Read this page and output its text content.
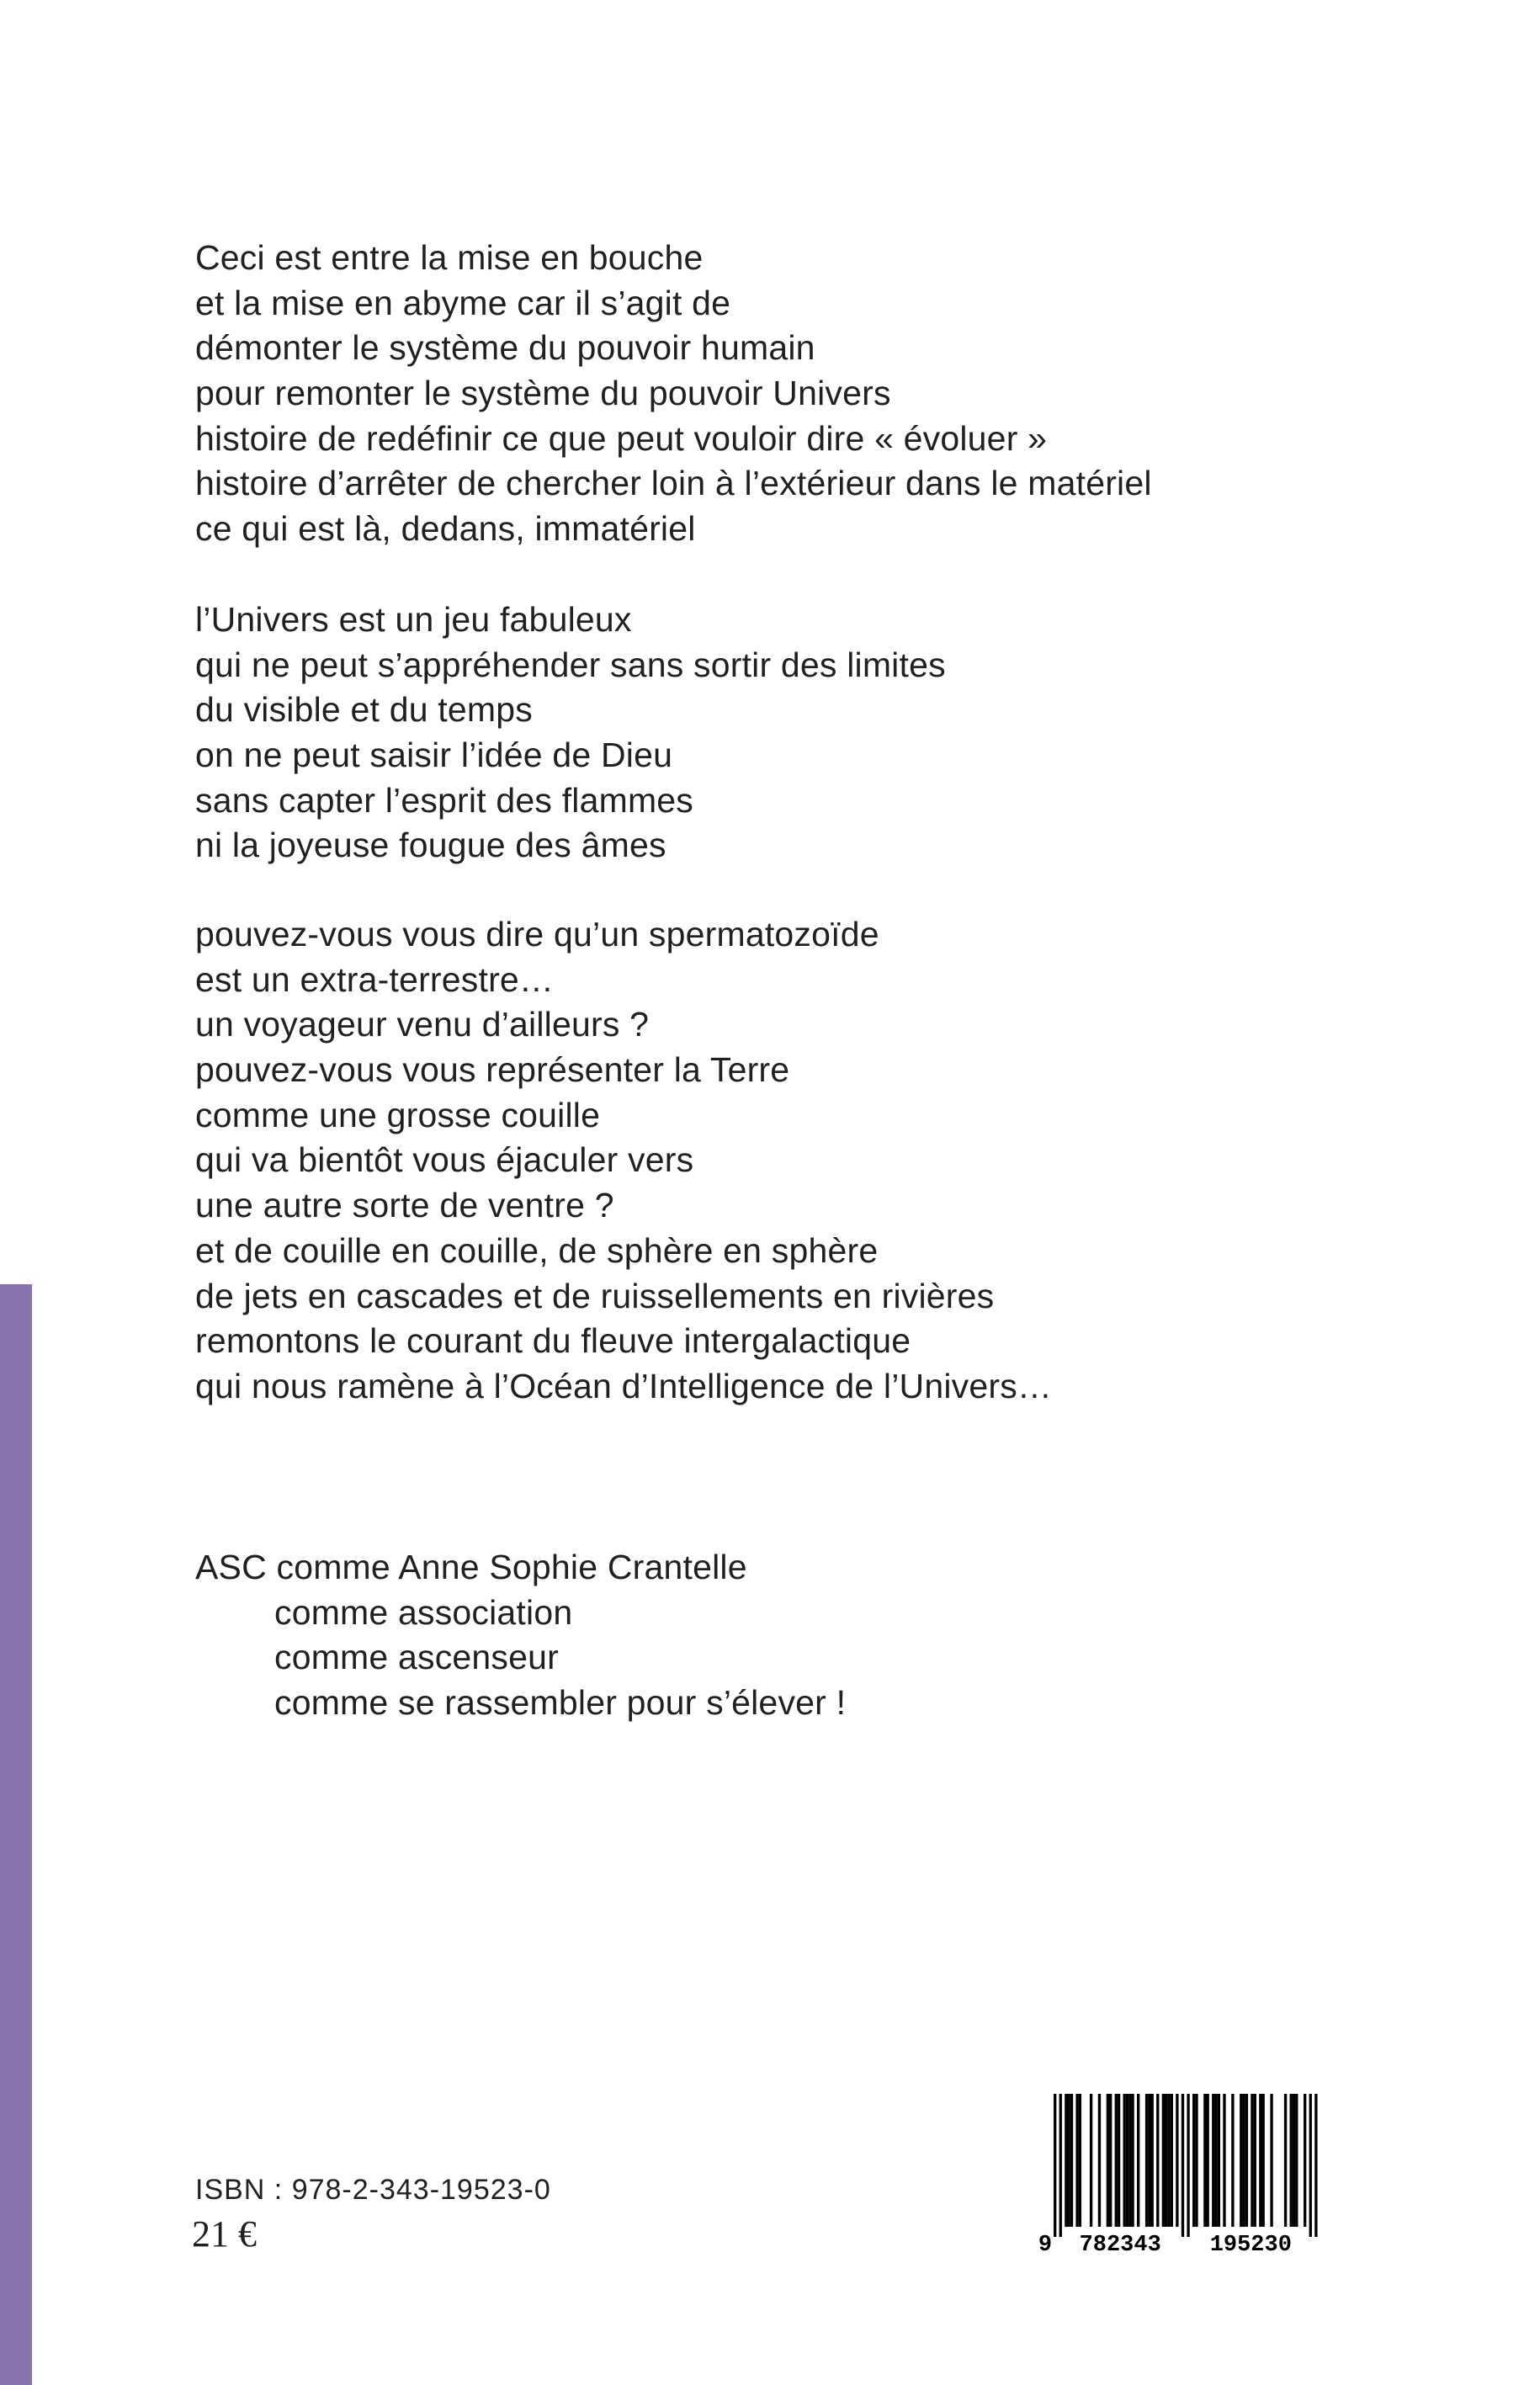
Ceci est entre la mise en bouche
et la mise en abyme car il s’agit de
démonter le système du pouvoir humain
pour remonter le système du pouvoir Univers
histoire de redéfinir ce que peut vouloir dire « évoluer »
histoire d’arrêter de chercher loin à l’extérieur dans le matériel
ce qui est là, dedans, immatériel
l’Univers est un jeu fabuleux
qui ne peut s’appréhender sans sortir des limites
du visible et du temps
on ne peut saisir l’idée de Dieu
sans capter l’esprit des flammes
ni la joyeuse fougue des âmes
pouvez-vous vous dire qu’un spermatozoïde
est un extra-terrestre…
un voyageur venu d’ailleurs ?
pouvez-vous vous représenter la Terre
comme une grosse couille
qui va bientôt vous éjaculer vers
une autre sorte de ventre ?
et de couille en couille, de sphère en sphère
de jets en cascades et de ruissellements en rivières
remontons le courant du fleuve intergalactique
qui nous ramène à l’Océan d’Intelligence de l’Univers…
ASC comme Anne Sophie Crantelle
comme association
comme ascenseur
comme se rassembler pour s’élever !
ISBN : 978-2-343-19523-0
21 €	9 782343 195230
